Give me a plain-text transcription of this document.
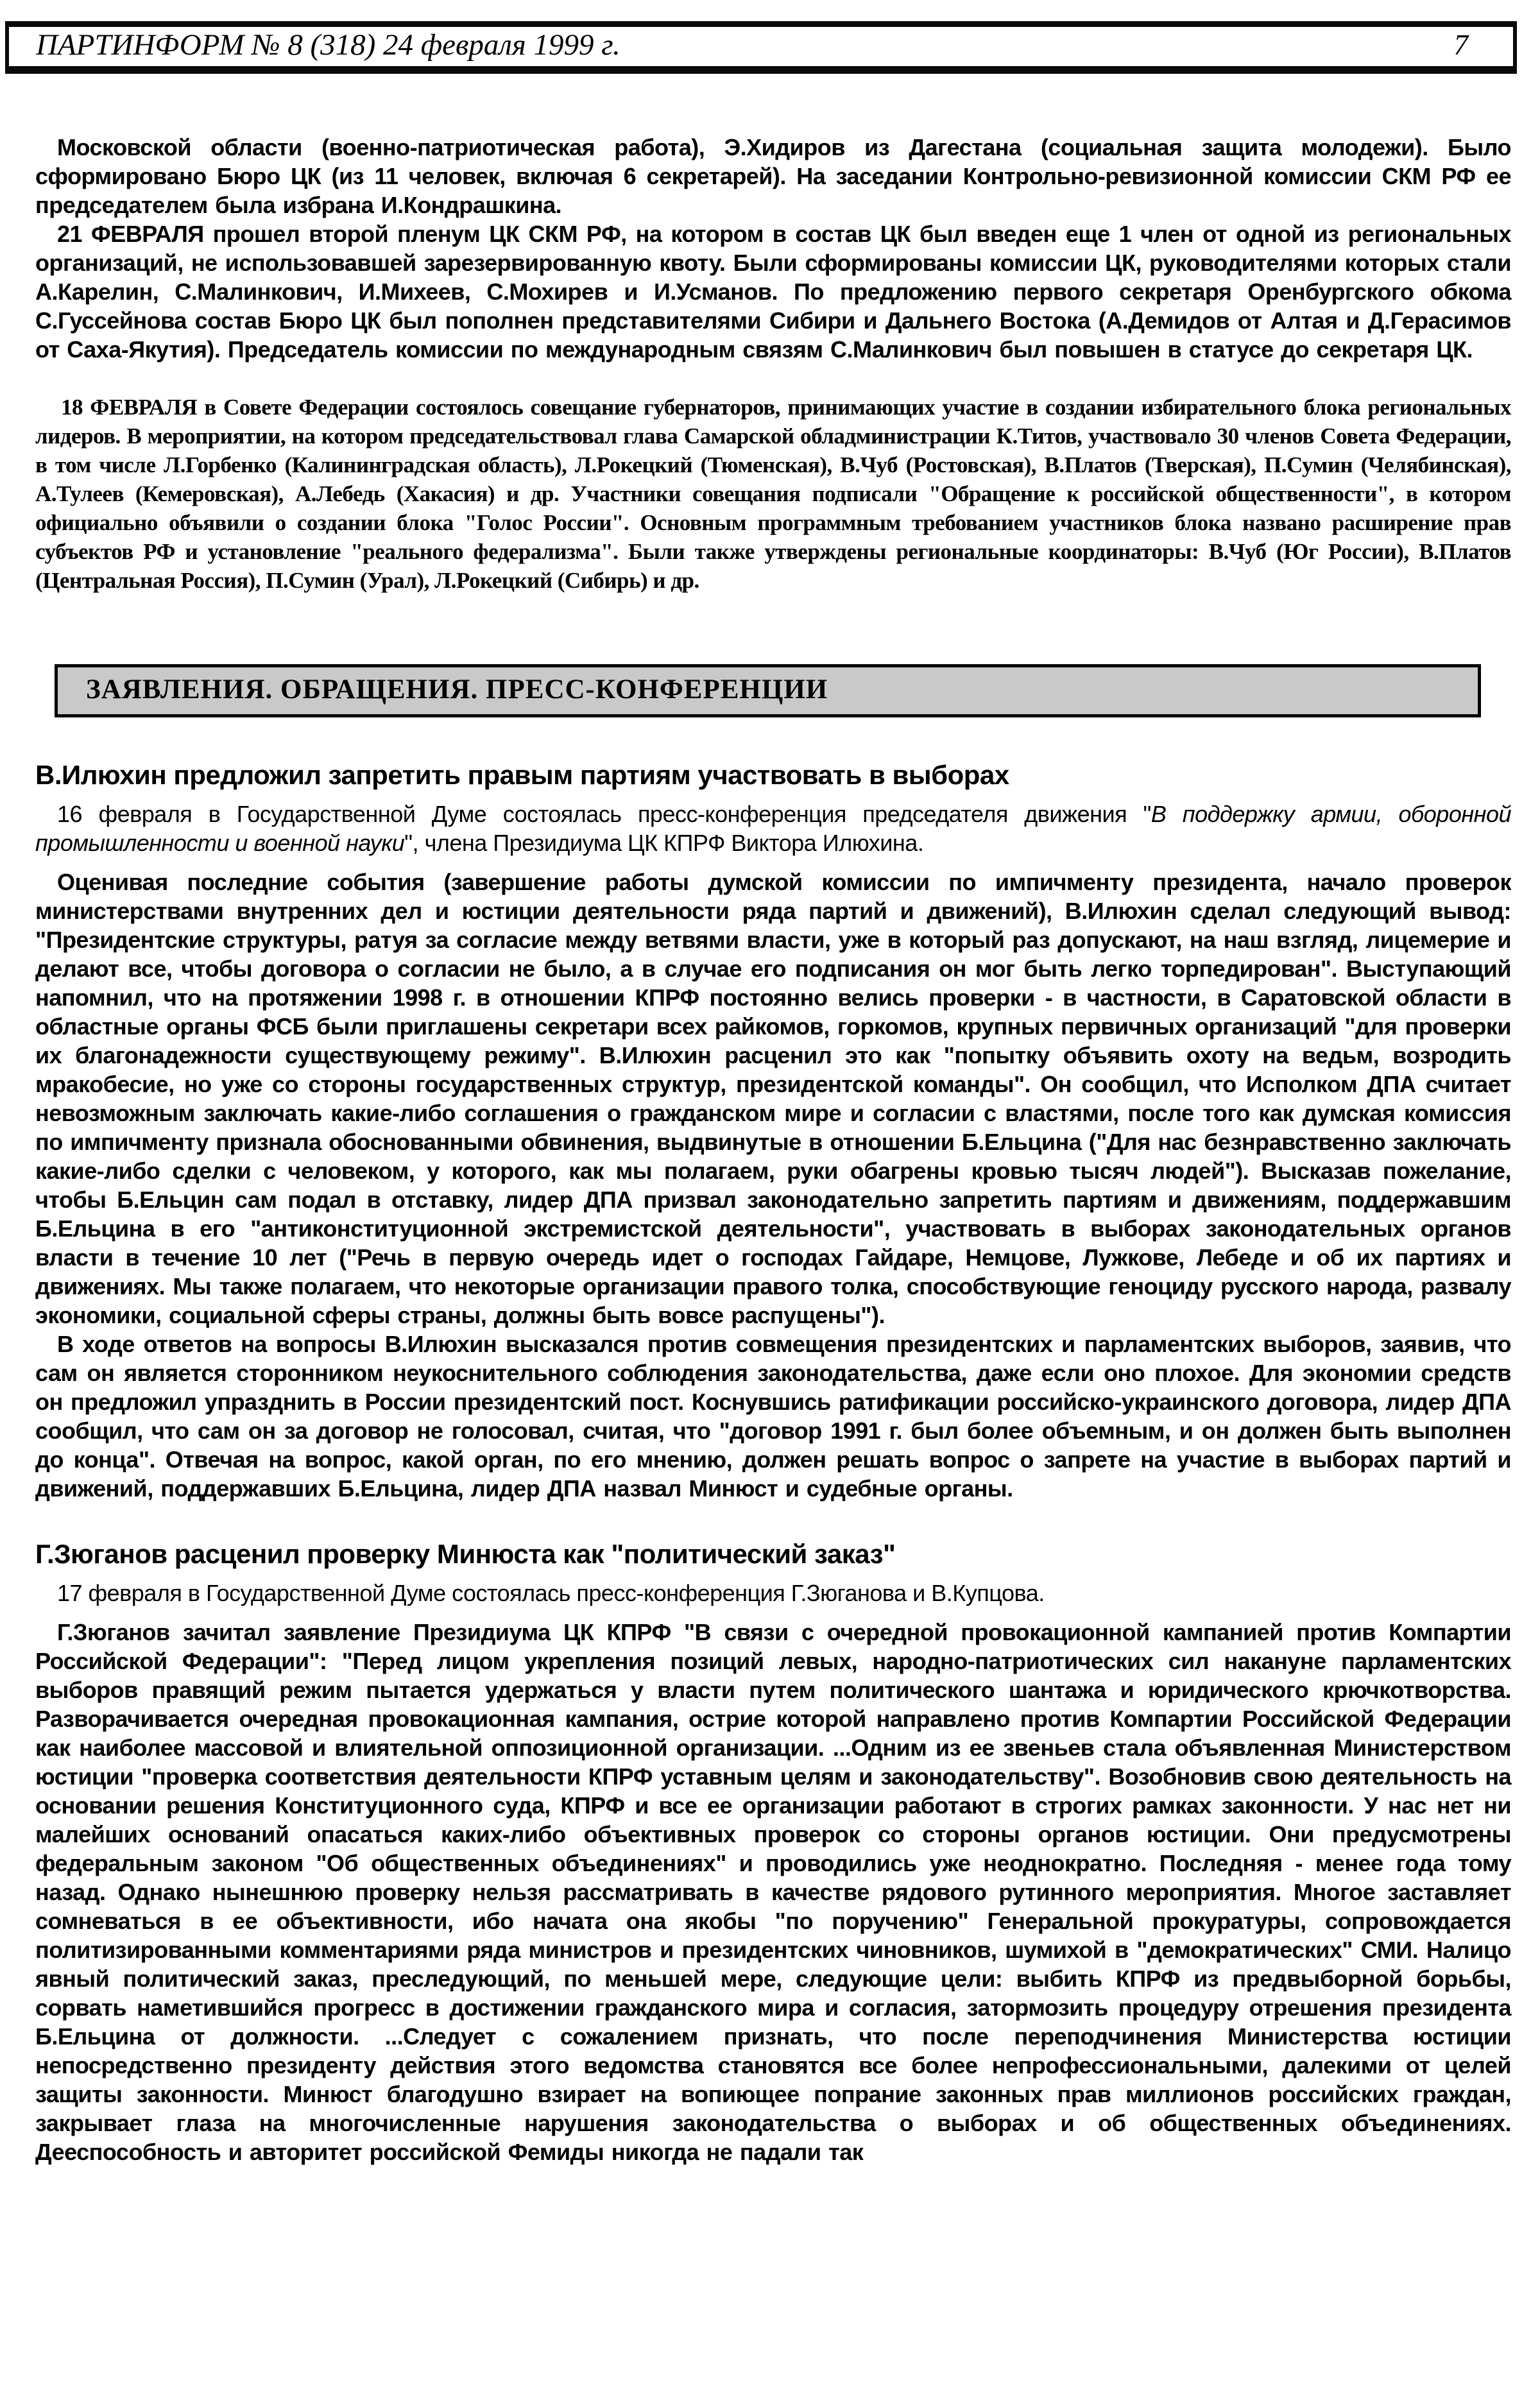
ПАРТИНФОРМ № 8 (318) 24 февраля 1999 г.	7

Московской области (военно-патриотическая работа), Э.Хидиров из Дагестана (социальная защита молодежи). Было сформировано Бюро ЦК (из 11 человек, включая 6 секретарей). На заседании Контрольно-ревизионной комиссии СКМ РФ ее председателем была избрана И.Кондрашкина.

21 ФЕВРАЛЯ прошел второй пленум ЦК СКМ РФ, на котором в состав ЦК был введен еще 1 член от одной из региональных организаций, не использовавшей зарезервированную квоту. Были сформированы комиссии ЦК, руководителями которых стали А.Карелин, С.Малинкович, И.Михеев, С.Мохирев и И.Усманов. По предложению первого секретаря Оренбургского обкома С.Гуссейнова состав Бюро ЦК был пополнен представителями Сибири и Дальнего Востока (А.Демидов от Алтая и Д.Герасимов от Саха-Якутия). Председатель комиссии по международным связям С.Малинкович был повышен в статусе до секретаря ЦК.

18 ФЕВРАЛЯ в Совете Федерации состоялось совещание губернаторов, принимающих участие в создании избирательного блока региональных лидеров. В мероприятии, на котором председательствовал глава Самарской обладминистрации К.Титов, участвовало 30 членов Совета Федерации, в том числе Л.Горбенко (Калининградская область), Л.Рокецкий (Тюменская), В.Чуб (Ростовская), В.Платов (Тверская), П.Сумин (Челябинская), А.Тулеев (Кемеровская), А.Лебедь (Хакасия) и др. Участники совещания подписали "Обращение к российской общественности", в котором официально объявили о создании блока "Голос России". Основным программным требованием участников блока названо расширение прав субъектов РФ и установление "реального федерализма". Были также утверждены региональные координаторы: В.Чуб (Юг России), В.Платов (Центральная Россия), П.Сумин (Урал), Л.Рокецкий (Сибирь) и др.

ЗАЯВЛЕНИЯ. ОБРАЩЕНИЯ. ПРЕСС-КОНФЕРЕНЦИИ
В.Илюхин предложил запретить правым партиям участвовать в выборах

16 февраля в Государственной Думе состоялась пресс-конференция председателя движения "В поддержку армии, оборонной промышленности и военной науки", члена Президиума ЦК КПРФ Виктора Илюхина.

Оценивая последние события (завершение работы думской комиссии по импичменту президента, начало проверок министерствами внутренних дел и юстиции деятельности ряда партий и движений), В.Илюхин сделал следующий вывод: "Президентские структуры, ратуя за согласие между ветвями власти, уже в который раз допускают, на наш взгляд, лицемерие и делают все, чтобы договора о согласии не было, а в случае его подписания он мог быть легко торпедирован". Выступающий напомнил, что на протяжении 1998 г. в отношении КПРФ постоянно велись проверки - в частности, в Саратовской области в областные органы ФСБ были приглашены секретари всех райкомов, горкомов, крупных первичных организаций "для проверки их благонадежности существующему режиму". В.Илюхин расценил это как "попытку объявить охоту на ведьм, возродить мракобесие, но уже со стороны государственных структур, президентской команды". Он сообщил, что Исполком ДПА считает невозможным заключать какие-либо соглашения о гражданском мире и согласии с властями, после того как думская комиссия по импичменту признала обоснованными обвинения, выдвинутые в отношении Б.Ельцина ("Для нас безнравственно заключать какие-либо сделки с человеком, у которого, как мы полагаем, руки обагрены кровью тысяч людей"). Высказав пожелание, чтобы Б.Ельцин сам подал в отставку, лидер ДПА призвал законодательно запретить партиям и движениям, поддержавшим Б.Ельцина в его "антиконституционной экстремистской деятельности", участвовать в выборах законодательных органов власти в течение 10 лет ("Речь в первую очередь идет о господах Гайдаре, Немцове, Лужкове, Лебеде и об их партиях и движениях. Мы также полагаем, что некоторые организации правого толка, способствующие геноциду русского народа, развалу экономики, социальной сферы страны, должны быть вовсе распущены").

В ходе ответов на вопросы В.Илюхин высказался против совмещения президентских и парламентских выборов, заявив, что сам он является сторонником неукоснительного соблюдения законодательства, даже если оно плохое. Для экономии средств он предложил упразднить в России президентский пост. Коснувшись ратификации российско-украинского договора, лидер ДПА сообщил, что сам он за договор не голосовал, считая, что "договор 1991 г. был более объемным, и он должен быть выполнен до конца". Отвечая на вопрос, какой орган, по его мнению, должен решать вопрос о запрете на участие в выборах партий и движений, поддержавших Б.Ельцина, лидер ДПА назвал Минюст и судебные органы.

Г.Зюганов расценил проверку Минюста как "политический заказ"

17 февраля в Государственной Думе состоялась пресс-конференция Г.Зюганова и В.Купцова.

Г.Зюганов зачитал заявление Президиума ЦК КПРФ "В связи с очередной провокационной кампанией против Компартии Российской Федерации": "Перед лицом укрепления позиций левых, народно-патриотических сил накануне парламентских выборов правящий режим пытается удержаться у власти путем политического шантажа и юридического крючкотворства. Разворачивается очередная провокационная кампания, острие которой направлено против Компартии Российской Федерации как наиболее массовой и влиятельной оппозиционной организации. ...Одним из ее звеньев стала объявленная Министерством юстиции "проверка соответствия деятельности КПРФ уставным целям и законодательству". Возобновив свою деятельность на основании решения Конституционного суда, КПРФ и все ее организации работают в строгих рамках законности. У нас нет ни малейших оснований опасаться каких-либо объективных проверок со стороны органов юстиции. Они предусмотрены федеральным законом "Об общественных объединениях" и проводились уже неоднократно. Последняя - менее года тому назад. Однако нынешнюю проверку нельзя рассматривать в качестве рядового рутинного мероприятия. Многое заставляет сомневаться в ее объективности, ибо начата она якобы "по поручению" Генеральной прокуратуры, сопровождается политизированными комментариями ряда министров и президентских чиновников, шумихой в "демократических" СМИ. Налицо явный политический заказ, преследующий, по меньшей мере, следующие цели: выбить КПРФ из предвыборной борьбы, сорвать наметившийся прогресс в достижении гражданского мира и согласия, затормозить процедуру отрешения президента Б.Ельцина от должности. ...Следует с сожалением признать, что после переподчинения Министерства юстиции непосредственно президенту действия этого ведомства становятся все более непрофессиональными, далекими от целей защиты законности. Минюст благодушно взирает на вопиющее попрание законных прав миллионов российских граждан, закрывает глаза на многочисленные нарушения законодательства о выборах и об общественных объединениях. Дееспособность и авторитет российской Фемиды никогда не падали так
